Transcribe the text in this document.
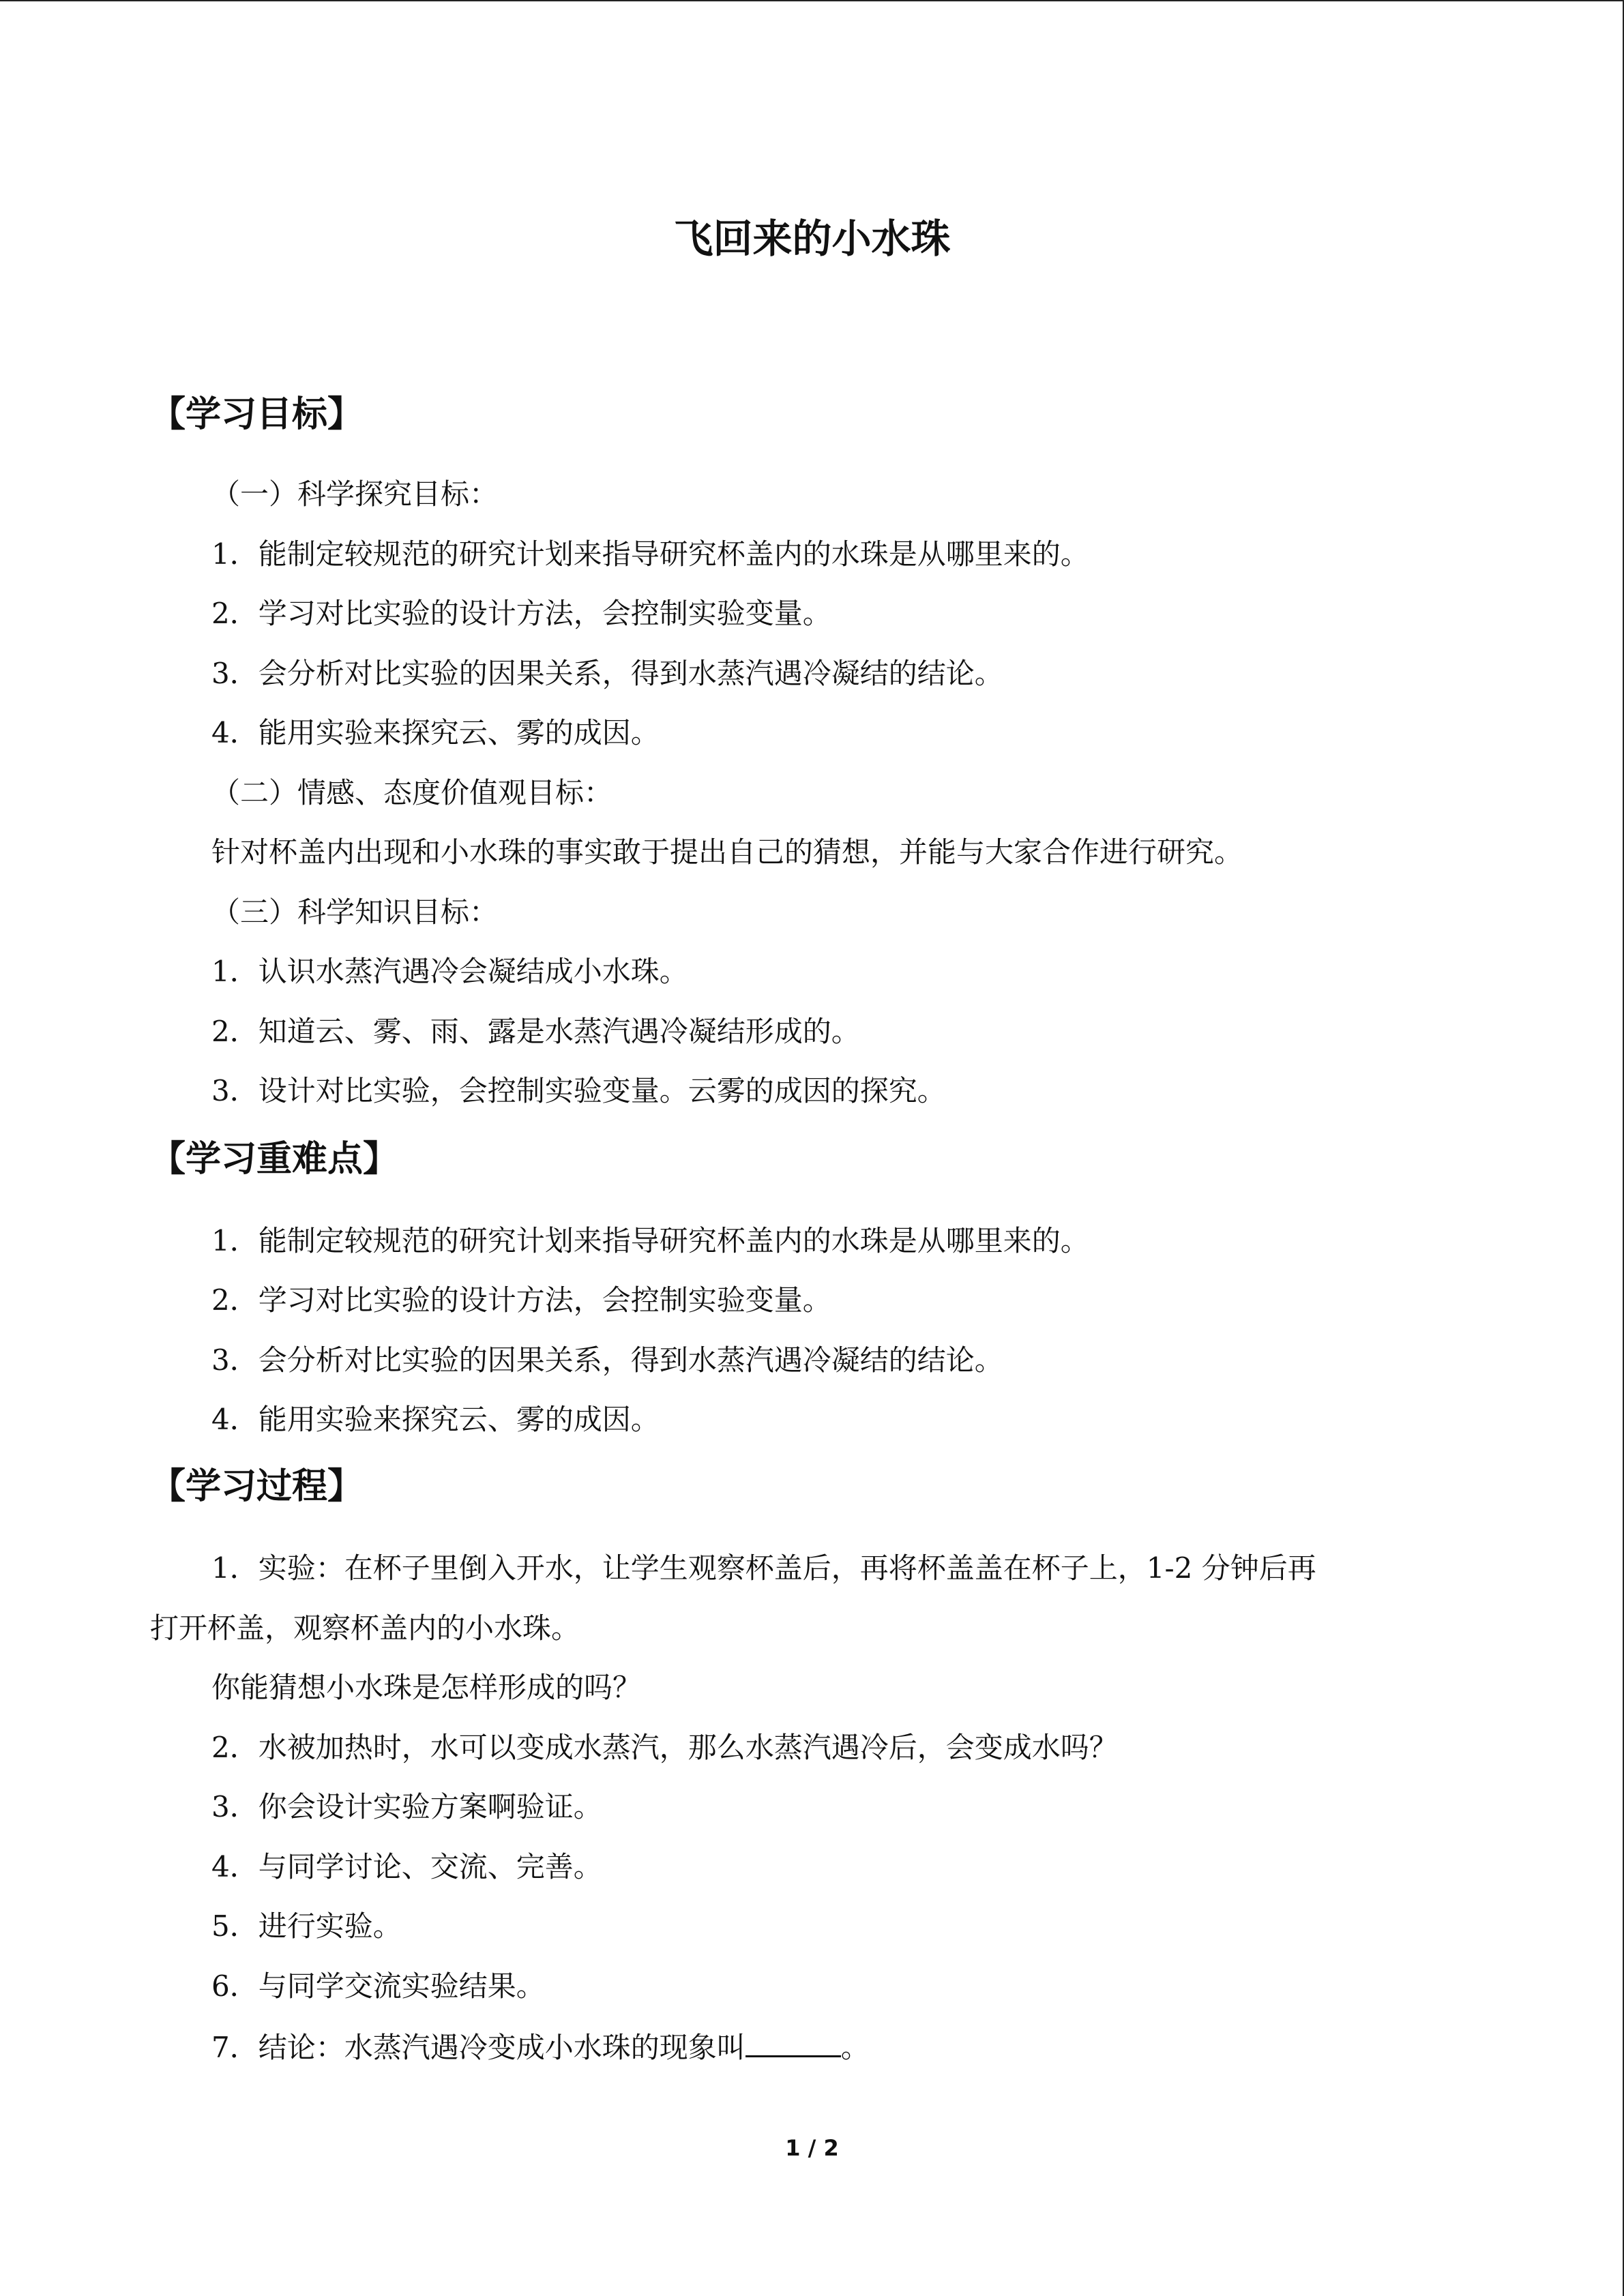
飞回来的小水珠
【学习目标】
（一）科学探究目标：
1．能制定较规范的研究计划来指导研究杯盖内的水珠是从哪里来的。
2．学习对比实验的设计方法，会控制实验变量。
3．会分析对比实验的因果关系，得到水蒸汽遇冷凝结的结论。
4．能用实验来探究云、雾的成因。
（二）情感、态度价值观目标：
针对杯盖内出现和小水珠的事实敢于提出自己的猜想，并能与大家合作进行研究。
（三）科学知识目标：
1．认识水蒸汽遇冷会凝结成小水珠。
2．知道云、雾、雨、露是水蒸汽遇冷凝结形成的。
3．设计对比实验，会控制实验变量。云雾的成因的探究。
【学习重难点】
1．能制定较规范的研究计划来指导研究杯盖内的水珠是从哪里来的。
2．学习对比实验的设计方法，会控制实验变量。
3．会分析对比实验的因果关系，得到水蒸汽遇冷凝结的结论。
4．能用实验来探究云、雾的成因。
【学习过程】
1．实验：在杯子里倒入开水，让学生观察杯盖后，再将杯盖盖在杯子上，1-2 分钟后再
打开杯盖，观察杯盖内的小水珠。
你能猜想小水珠是怎样形成的吗？
2．水被加热时，水可以变成水蒸汽，那么水蒸汽遇冷后，会变成水吗？
3．你会设计实验方案啊验证。
4．与同学讨论、交流、完善。
5．进行实验。
6．与同学交流实验结果。
7．结论：水蒸汽遇冷变成小水珠的现象叫	。
1 / 2
